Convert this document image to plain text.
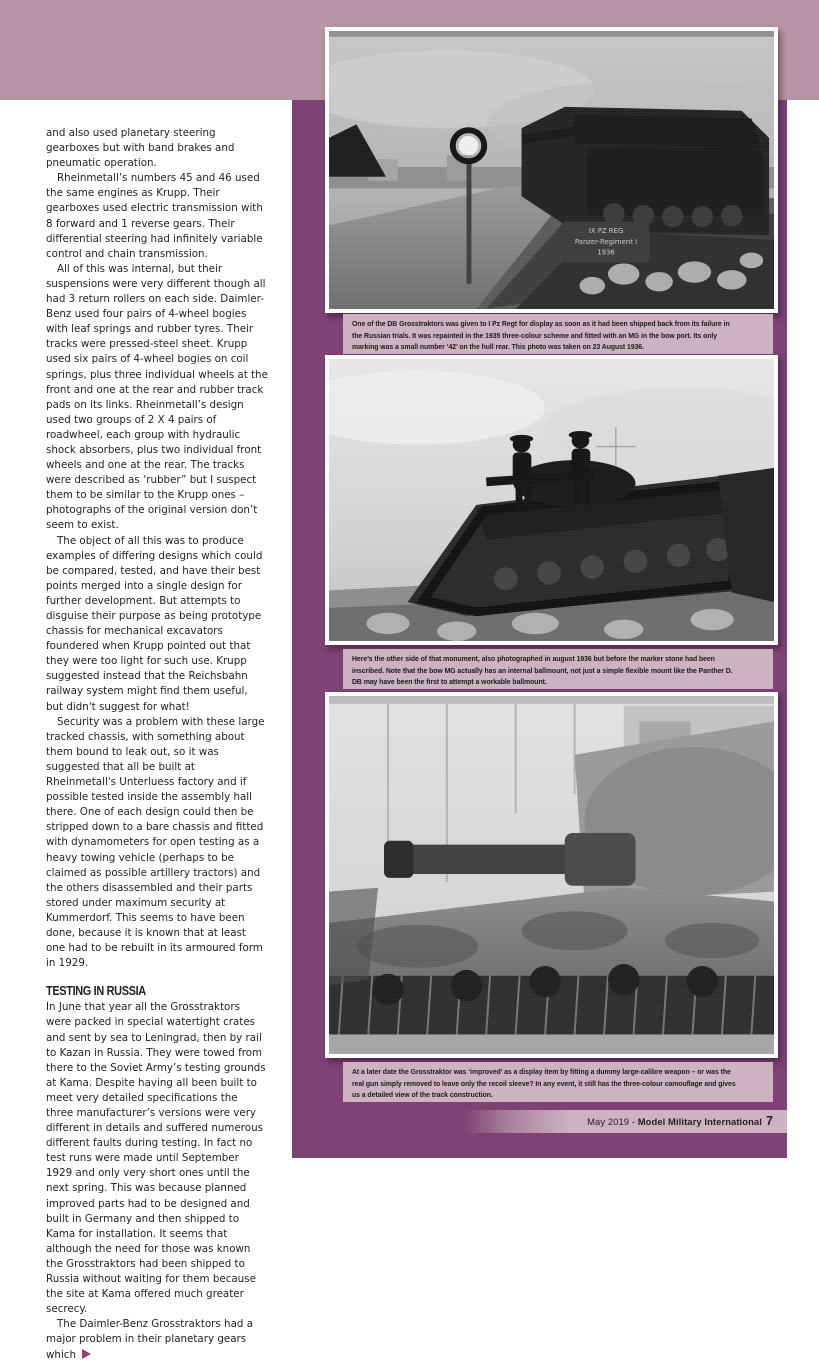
and also used planetary steering gearboxes but with band brakes and pneumatic operation.

Rheinmetall’s numbers 45 and 46 used the same engines as Krupp. Their gearboxes used electric transmission with 8 forward and 1 reverse gears. Their differential steering had infinitely variable control and chain transmission.

All of this was internal, but their suspensions were very different though all had 3 return rollers on each side. Daimler-Benz used four pairs of 4-wheel bogies with leaf springs and rubber tyres. Their tracks were pressed-steel sheet. Krupp used six pairs of 4-wheel bogies on coil springs, plus three individual wheels at the front and one at the rear and rubber track pads on its links. Rheinmetall’s design used two groups of 2 X 4 pairs of roadwheel, each group with hydraulic shock absorbers, plus two individual front wheels and one at the rear. The tracks were described as ‘rubber” but I suspect them to be similar to the Krupp ones – photographs of the original version don’t seem to exist.

The object of all this was to produce examples of differing designs which could be compared, tested, and have their best points merged into a single design for further development. But attempts to disguise their purpose as being prototype chassis for mechanical excavators foundered when Krupp pointed out that they were too light for such use. Krupp suggested instead that the Reichsbahn railway system might find them useful, but didn't suggest for what!

Security was a problem with these large tracked chassis, with something about them bound to leak out, so it was suggested that all be built at Rheinmetall's Unterluess factory and if possible tested inside the assembly hall there. One of each design could then be stripped down to a bare chassis and fitted with dynamometers for open testing as a heavy towing vehicle (perhaps to be claimed as possible artillery tractors) and the others disassembled and their parts stored under maximum security at Kummerdorf. This seems to have been done, because it is known that at least one had to be rebuilt in its armoured form in 1929.

TESTING IN RUSSIA

In June that year all the Grosstraktors were packed in special watertight crates and sent by sea to Leningrad, then by rail to Kazan in Russia. They were towed from there to the Soviet Army’s testing grounds at Kama. Despite having all been built to meet very detailed specifications the three manufacturer’s versions were very different in details and suffered numerous different faults during testing. In fact no test runs were made until September 1929 and only very short ones until the next spring. This was because planned improved parts had to be designed and built in Germany and then shipped to Kama for installation. It seems that although the need for those was known the Grosstraktors had been shipped to Russia without waiting for them because the site at Kama offered much greater secrecy.

The Daimler-Benz Grosstraktors had a major problem in their planetary gears which

IX PZ REG
Panzer-Regiment I
1936
One of the DB Grosstraktors was given to I Pz Regt for display as soon as it had been shipped back from its failure in the Russian trials. It was repainted in the 1935 three-colour scheme and fitted with an MG in the bow port. Its only marking was a small number ‘42’ on the hull rear. This photo was taken on 23 August 1936.
Here’s the other side of that monument, also photographed in august 1936 but before the marker stone had been inscribed. Note that the bow MG actually has an internal ballmount, not just a simple flexible mount like the Panther D. DB may have been the first to attempt a workable ballmount.
At a later date the Grosstraktor was ‘improved’ as a display item by fitting a dummy large-calibre weapon – or was the real gun simply removed to leave only the recoil sleeve? In any event, it still has the three-colour camouflage and gives us a detailed view of the track construction.
May 2019 - Model Military International 7
